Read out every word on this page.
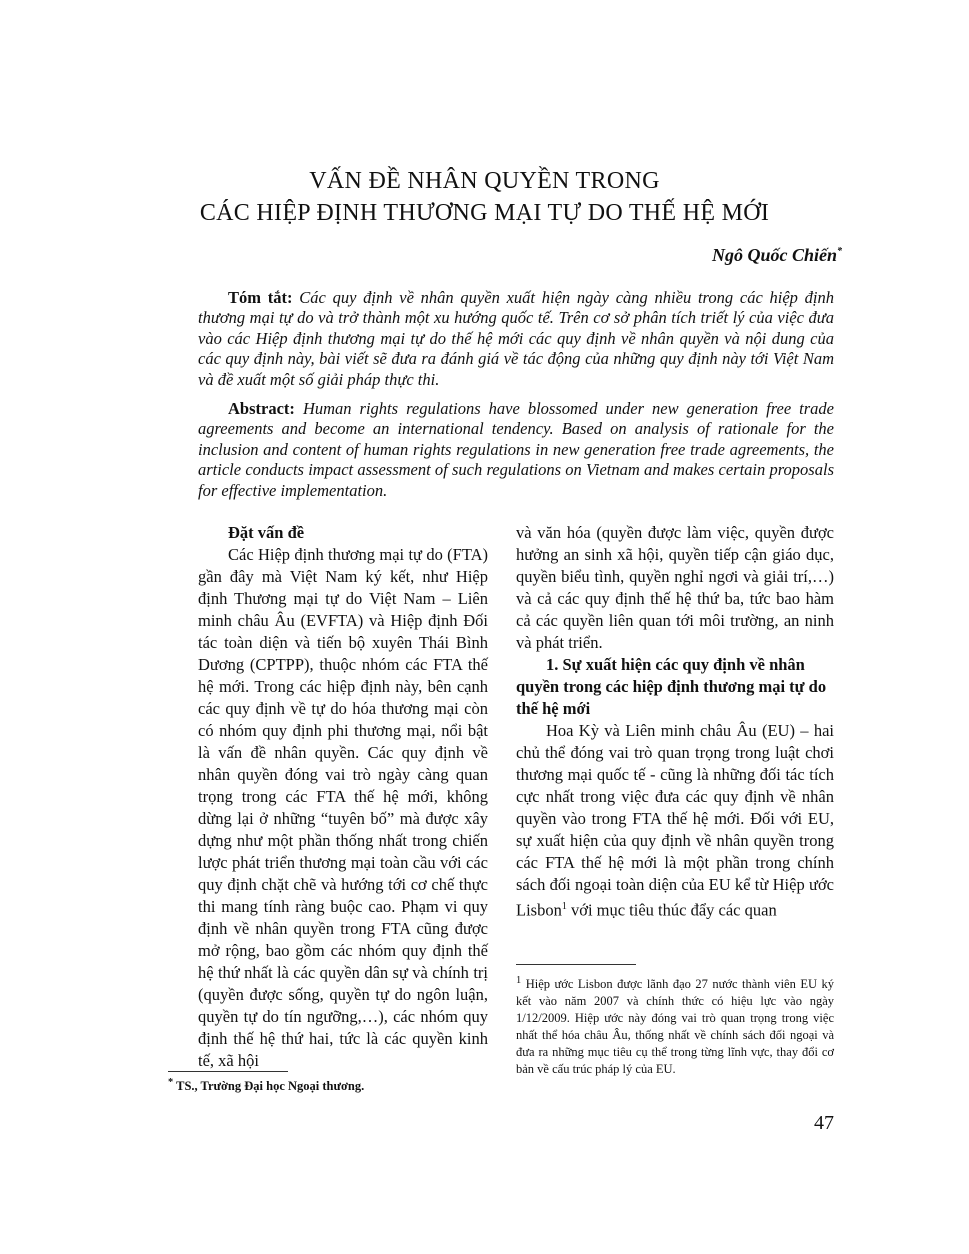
VẤN ĐỀ NHÂN QUYỀN TRONG
CÁC HIỆP ĐỊNH THƯƠNG MẠI TỰ DO THẾ HỆ MỚI
Ngô Quốc Chiến*

Tóm tắt: Các quy định về nhân quyền xuất hiện ngày càng nhiều trong các hiệp định thương mại tự do và trở thành một xu hướng quốc tế. Trên cơ sở phân tích triết lý của việc đưa vào các Hiệp định thương mại tự do thế hệ mới các quy định về nhân quyền và nội dung của các quy định này, bài viết sẽ đưa ra đánh giá về tác động của những quy định này tới Việt Nam và đề xuất một số giải pháp thực thi.

Abstract: Human rights regulations have blossomed under new generation free trade agreements and become an international tendency. Based on analysis of rationale for the inclusion and content of human rights regulations in new generation free trade agreements, the article conducts impact assessment of such regulations on Vietnam and makes certain proposals for effective implementation.

Đặt vấn đề

Các Hiệp định thương mại tự do (FTA) gần đây mà Việt Nam ký kết, như Hiệp định Thương mại tự do Việt Nam – Liên minh châu Âu (EVFTA) và Hiệp định Đối tác toàn diện và tiến bộ xuyên Thái Bình Dương (CPTPP), thuộc nhóm các FTA thế hệ mới. Trong các hiệp định này, bên cạnh các quy định về tự do hóa thương mại còn có nhóm quy định phi thương mại, nổi bật là vấn đề nhân quyền. Các quy định về nhân quyền đóng vai trò ngày càng quan trọng trong các FTA thế hệ mới, không dừng lại ở những “tuyên bố” mà được xây dựng như một phần thống nhất trong chiến lược phát triển thương mại toàn cầu với các quy định chặt chẽ và hướng tới cơ chế thực thi mang tính ràng buộc cao. Phạm vi quy định về nhân quyền trong FTA cũng được mở rộng, bao gồm các nhóm quy định thế hệ thứ nhất là các quyền dân sự và chính trị (quyền được sống, quyền tự do ngôn luận, quyền tự do tín ngưỡng,…), các nhóm quy định thế hệ thứ hai, tức là các quyền kinh tế, xã hội

và văn hóa (quyền được làm việc, quyền được hưởng an sinh xã hội, quyền tiếp cận giáo dục, quyền biểu tình, quyền nghỉ ngơi và giải trí,…) và cả các quy định thế hệ thứ ba, tức bao hàm cả các quyền liên quan tới môi trường, an ninh và phát triển.

1. Sự xuất hiện các quy định về nhân quyền trong các hiệp định thương mại tự do thế hệ mới

Hoa Kỳ và Liên minh châu Âu (EU) – hai chủ thể đóng vai trò quan trọng trong luật chơi thương mại quốc tế - cũng là những đối tác tích cực nhất trong việc đưa các quy định về nhân quyền vào trong FTA thế hệ mới. Đối với EU, sự xuất hiện của quy định về nhân quyền trong các FTA thế hệ mới là một phần trong chính sách đối ngoại toàn diện của EU kể từ Hiệp ước Lisbon$^1$ với mục tiêu thúc đẩy các quan

* TS., Trường Đại học Ngoại thương.

$^1$ Hiệp ước Lisbon được lãnh đạo 27 nước thành viên EU ký kết vào năm 2007 và chính thức có hiệu lực vào ngày 1/12/2009. Hiệp ước này đóng vai trò quan trọng trong việc nhất thể hóa châu Âu, thống nhất về chính sách đối ngoại và đưa ra những mục tiêu cụ thể trong từng lĩnh vực, thay đổi cơ bản về cấu trúc pháp lý của EU.

47
